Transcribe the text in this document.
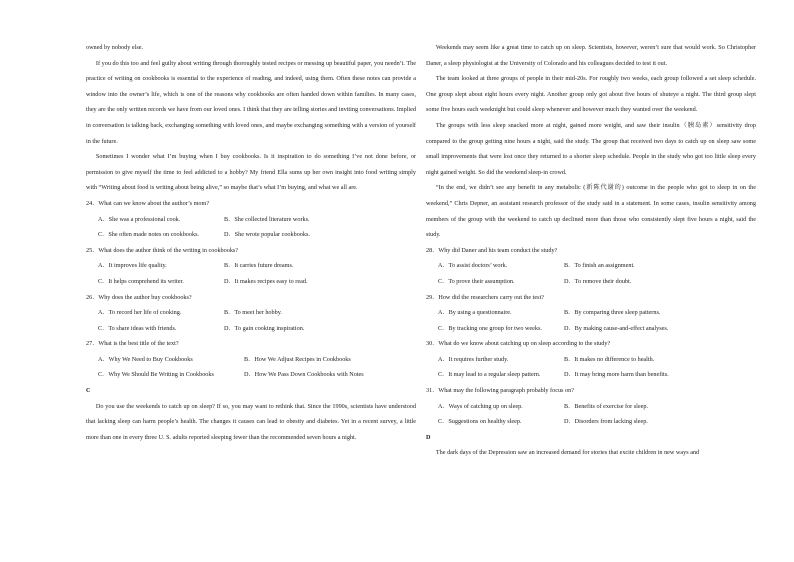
owned by nobody else.

If you do this too and feel guilty about writing through thoroughly tested recipes or messing up beautiful paper, you needn’t. The practice of writing on cookbooks is essential to the experience of reading, and indeed, using them. Often these notes can provide a window into the owner’s life, which is one of the reasons why cookbooks are often handed down within families. In many cases, they are the only written records we have from our loved ones. I think that they are telling stories and inviting conversations. Implied in conversation is talking back, exchanging something with loved ones, and maybe exchanging something with a version of yourself in the future.

Sometimes I wonder what I’m buying when I buy cookbooks. Is it inspiration to do something I’ve not done before, or permission to give myself the time to feel addicted to a hobby? My friend Ella sums up her own insight into food writing simply with “Writing about food is writing about being alive,” so maybe that’s what I’m buying, and what we all are.

24．What can we know about the author’s mom?

A．She was a professional cook.	B．She collected literature works.
C．She often made notes on cookbooks.	D．She wrote popular cookbooks.

25．What does the author think of the writing in cookbooks?

A．It improves life quality.	B．It carries future dreams.
C．It helps comprehend its writer.	D．It makes recipes easy to read.

26．Why does the author buy cookbooks?

A．To record her life of cooking.	B．To meet her hobby.
C．To share ideas with friends.	D．To gain cooking inspiration.

27．What is the best title of the text?

A．Why We Need to Buy Cookbooks	B．How We Adjust Recipes in Cookbooks
C．Why We Should Be Writing in Cookbooks	D．How We Pass Down Cookbooks with Notes

C

Do you use the weekends to catch up on sleep? If so, you may want to rethink that. Since the 1990s, scientists have understood that lacking sleep can harm people’s health. The changes it causes can lead to obesity and diabetes. Yet in a recent survey, a little more than one in every three U. S. adults reported sleeping fewer than the recommended seven hours a night.

Weekends may seem like a great time to catch up on sleep. Scientists, however, weren’t sure that would work. So Christopher Daner, a sleep physiologist at the University of Colorado and his colleagues decided to test it out.

The team looked at three groups of people in their mid-20s. For roughly two weeks, each group followed a set sleep schedule. One group slept about eight hours every night. Another group only got about five hours of shuteye a night. The third group slept some five hours each weeknight but could sleep whenever and however much they wanted over the weekend.

The groups with less sleep snacked more at night, gained more weight, and saw their insulin（胰岛素）sensitivity drop compared to the group getting nine hours a night, said the study. The group that received two days to catch up on sleep saw some small improvements that were lost once they returned to a shorter sleep schedule. People in the study who got too little sleep every night gained weight. So did the weekend sleep-in crowd.

“In the end, we didn’t see any benefit in any metabolic (新陈代谢的) outcome in the people who got to sleep in on the weekend,” Chris Depner, an assistant research professor of the study said in a statement. In some cases, insulin sensitivity among members of the group with the weekend to catch up declined more than those who consistently slept five hours a night, said the study.

28．Why did Daner and his team conduct the study?

A．To assist doctors’ work.	B．To finish an assignment.
C．To prove their assumption.	D．To remove their doubt.

29．How did the researchers carry out the test?

A．By using a questionnaire.	B．By comparing three sleep patterns.
C．By tracking one group for two weeks.	D．By making cause-and-effect analyses.

30．What do we know about catching up on sleep according to the study?

A．It requires further study.	B．It makes no difference to health.
C．It may lead to a regular sleep pattern.	D．It may bring more harm than benefits.

31．What may the following paragraph probably focus on?

A．Ways of catching up on sleep.	B．Benefits of exercise for sleep.
C．Suggestions on healthy sleep.	D．Disorders from lacking sleep.

D

The dark days of the Depression saw an increased demand for stories that excite children in new ways and
